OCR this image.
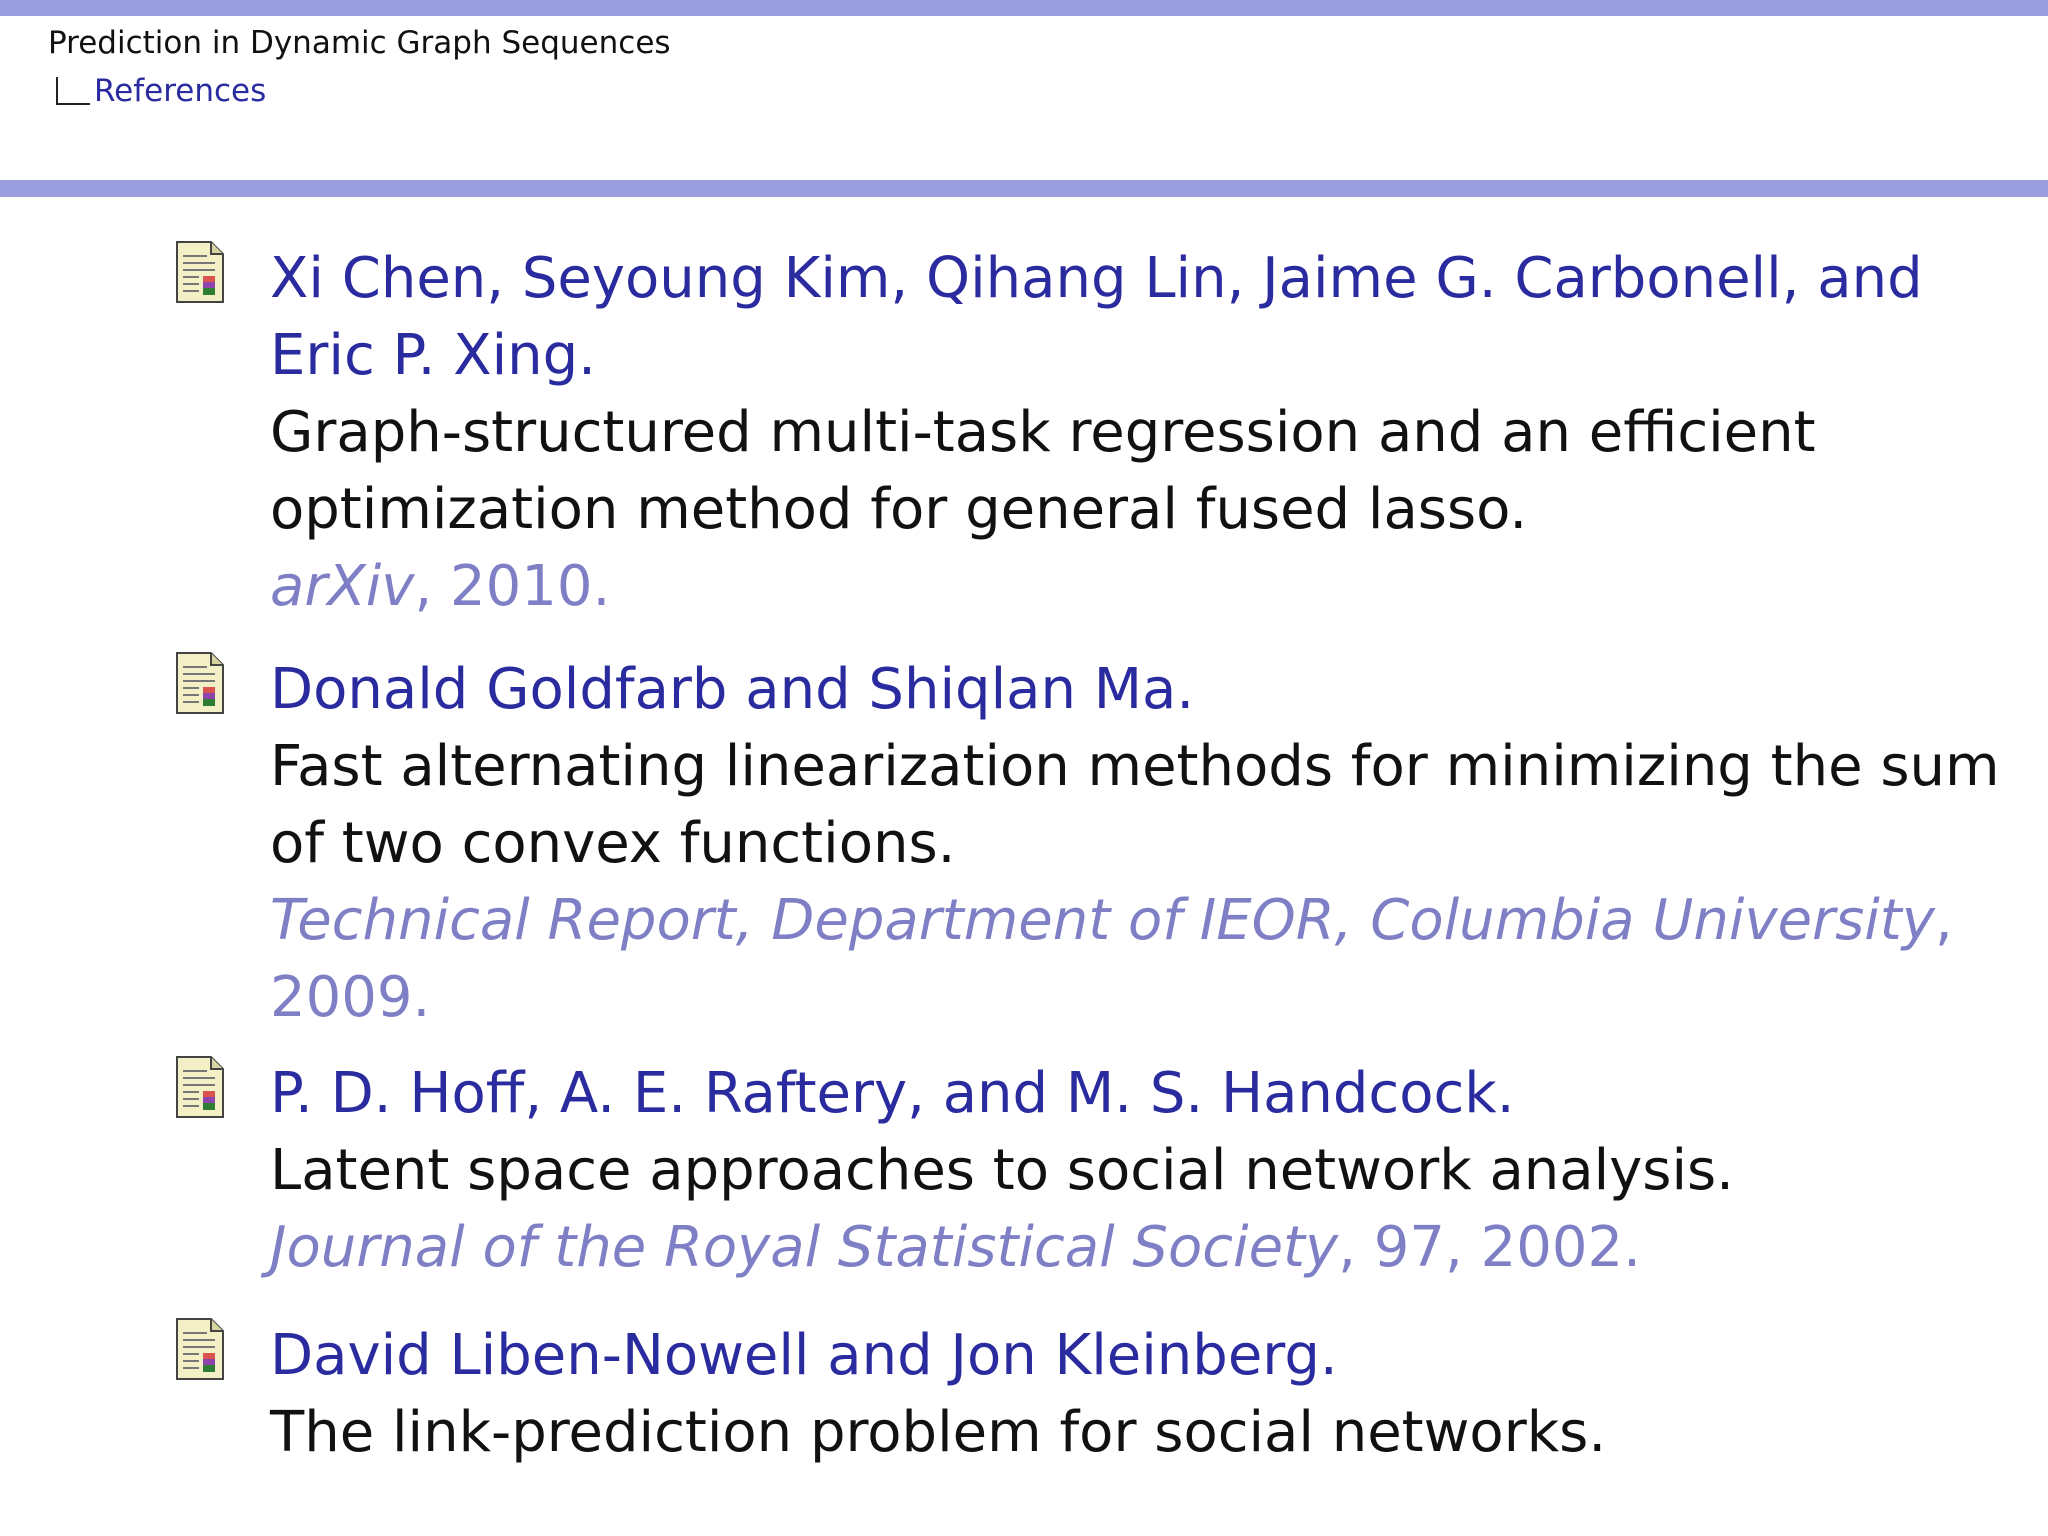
Prediction in Dynamic Graph Sequences
References
Xi Chen, Seyoung Kim, Qihang Lin, Jaime G. Carbonell, and
Eric P. Xing.
Graph-structured multi-task regression and an efficient
optimization method for general fused lasso.
arXiv, 2010.
Donald Goldfarb and Shiqlan Ma.
Fast alternating linearization methods for minimizing the sum
of two convex functions.
Technical Report, Department of IEOR, Columbia University,
2009.
P. D. Hoff, A. E. Raftery, and M. S. Handcock.
Latent space approaches to social network analysis.
Journal of the Royal Statistical Society, 97, 2002.
David Liben-Nowell and Jon Kleinberg.
The link-prediction problem for social networks.
